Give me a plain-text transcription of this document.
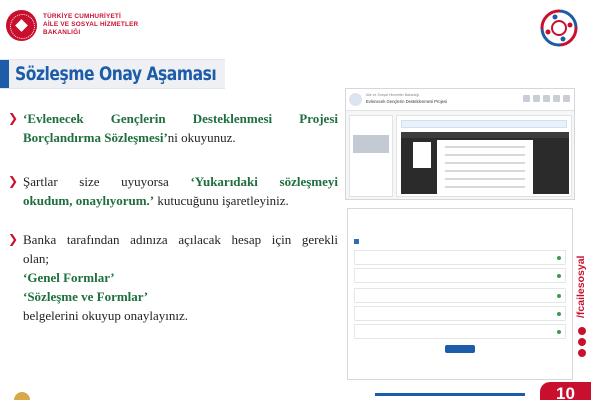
TÜRKİYE CUMHURİYETİ
AİLE VE SOSYAL HİZMETLER
BAKANLIĞI
Sözleşme Onay Aşaması
❯ ‘Evlenecek Gençlerin Desteklenmesi Projesi
Borçlandırma Sözleşmesi’ni okuyunuz.
❯ Şartlar size uyuyorsa ‘Yukarıdaki sözleşmeyi
okudum, onaylıyorum.’ kutucuğunu işaretleyiniz.
❯ Banka tarafından adınıza açılacak hesap için gerekli
olan;
‘Genel Formlar’
‘Sözleşme ve Formlar’
belgelerini okuyup onaylayınız.
Aile ve Sosyal Hizmetler Bakanlığı
Evlenecek Gençlerin Desteklenmesi Projesi

/fcailesosyal
10
